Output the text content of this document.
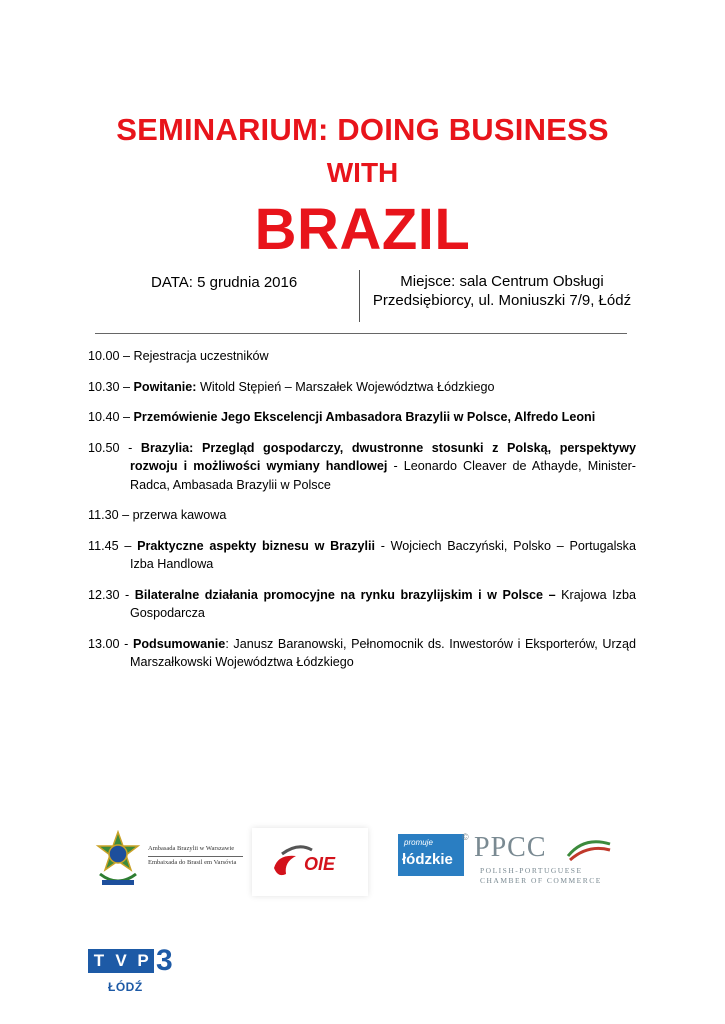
SEMINARIUM: DOING BUSINESS
WITH
BRAZIL
DATA: 5 grudnia 2016	Miejsce: sala Centrum Obsługi
Przedsiębiorcy, ul. Moniuszki 7/9, Łódź

10.00 – Rejestracja uczestników

10.30 – Powitanie: Witold Stępień – Marszałek Województwa Łódzkiego

10.40 – Przemówienie Jego Ekscelencji Ambasadora Brazylii w Polsce, Alfredo Leoni

10.50 - Brazylia: Przegląd gospodarczy, dwustronne stosunki z Polską, perspektywy rozwoju i możliwości wymiany handlowej - Leonardo Cleaver de Athayde, Minister-Radca, Ambasada Brazylii w Polsce

11.30 – przerwa kawowa

11.45 – Praktyczne aspekty biznesu w Brazylii - Wojciech Baczyński, Polsko – Portugalska Izba Handlowa

12.30 - Bilateralne działania promocyjne na rynku brazylijskim i w Polsce – Krajowa Izba Gospodarcza

13.00 - Podsumowanie: Janusz Baranowski, Pełnomocnik ds. Inwestorów i Eksporterów, Urząd Marszałkowski Województwa Łódzkiego

Ambasada Brazylii w Warszawie
Embaixada do Brasil em Varsóvia	OIE
promuje
łódzkie
© PPCC
POLISH-PORTUGUESE
CHAMBER OF COMMERCE
T V P 3
ŁÓDŹ
